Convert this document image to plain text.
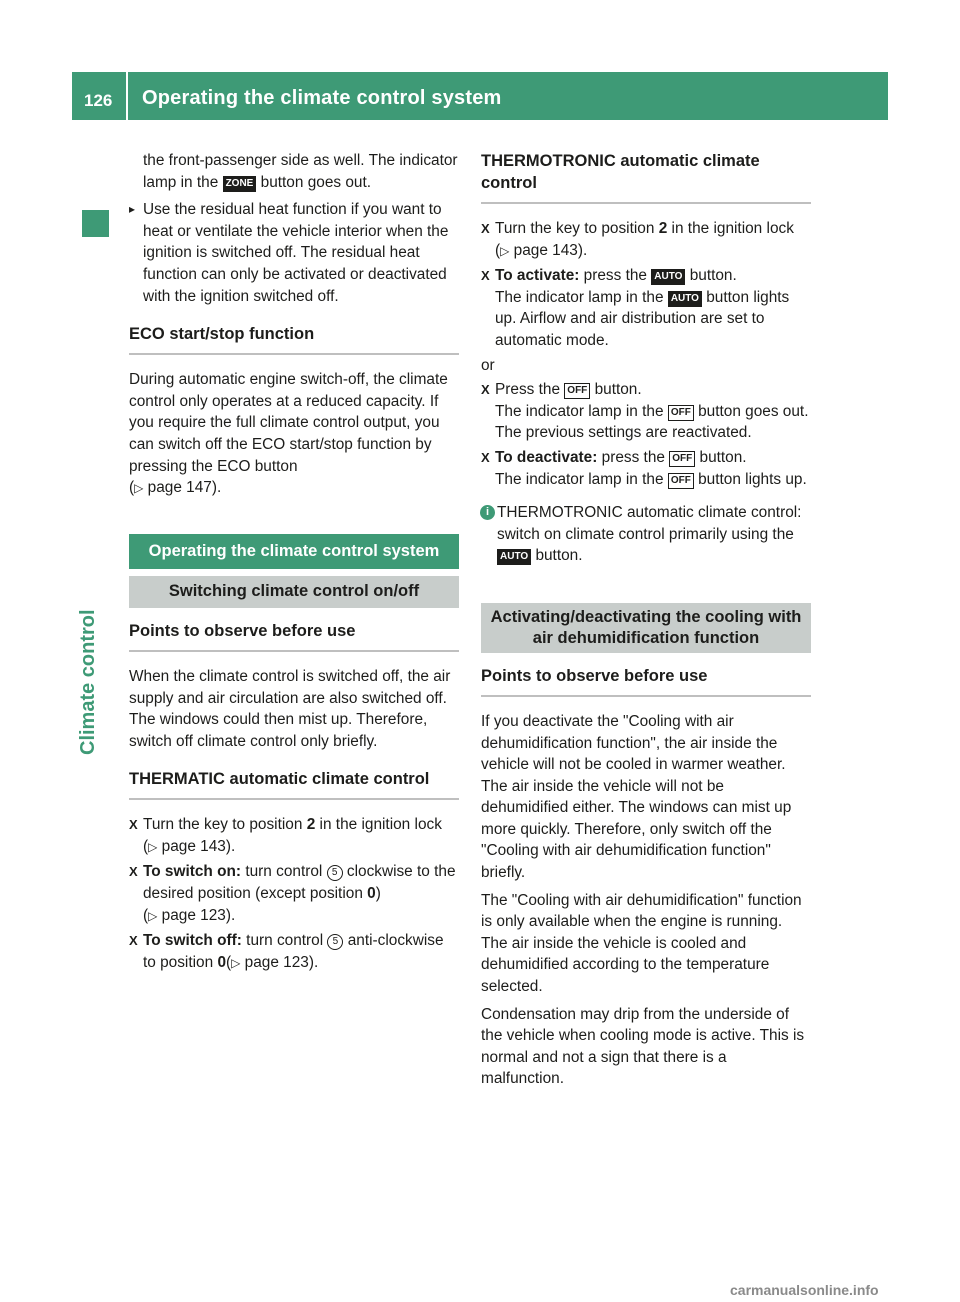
126 Operating the climate control system
Climate control

the front-passenger side as well. The indicator lamp in the ZONE button goes out.

▸ Use the residual heat function if you want to heat or ventilate the vehicle interior when the ignition is switched off. The residual heat function can only be activated or deactivated with the ignition switched off.

ECO start/stop function

During automatic engine switch-off, the climate control only operates at a reduced capacity. If you require the full climate control output, you can switch off the ECO start/stop function by pressing the ECO button
(▷ page 147).

Operating the climate control system
Switching climate control on/off
Points to observe before use

When the climate control is switched off, the air supply and air circulation are also switched off. The windows could then mist up. Therefore, switch off climate control only briefly.

THERMATIC automatic climate control

X Turn the key to position 2 in the ignition lock (▷ page 143).

X To switch on: turn control 5 clockwise to the desired position (except position 0)
(▷ page 123).

X To switch off: turn control 5 anti-clockwise to position 0(▷ page 123).

THERMOTRONIC automatic climate control

X Turn the key to position 2 in the ignition lock (▷ page 143).

X To activate: press the AUTO button.
The indicator lamp in the AUTO button lights up. Airflow and air distribution are set to automatic mode.

or

X Press the OFF button.
The indicator lamp in the OFF button goes out. The previous settings are reactivated.

X To deactivate: press the OFF button.
The indicator lamp in the OFF button lights up.

i THERMOTRONIC automatic climate control: switch on climate control primarily using the AUTO button.

Activating/deactivating the cooling with air dehumidification function
Points to observe before use

If you deactivate the "Cooling with air dehumidification function", the air inside the vehicle will not be cooled in warmer weather. The air inside the vehicle will not be dehumidified either. The windows can mist up more quickly. Therefore, only switch off the "Cooling with air dehumidification function" briefly.

The "Cooling with air dehumidification" function is only available when the engine is running. The air inside the vehicle is cooled and dehumidified according to the temperature selected.

Condensation may drip from the underside of the vehicle when cooling mode is active. This is normal and not a sign that there is a malfunction.

carmanualsonline.info
